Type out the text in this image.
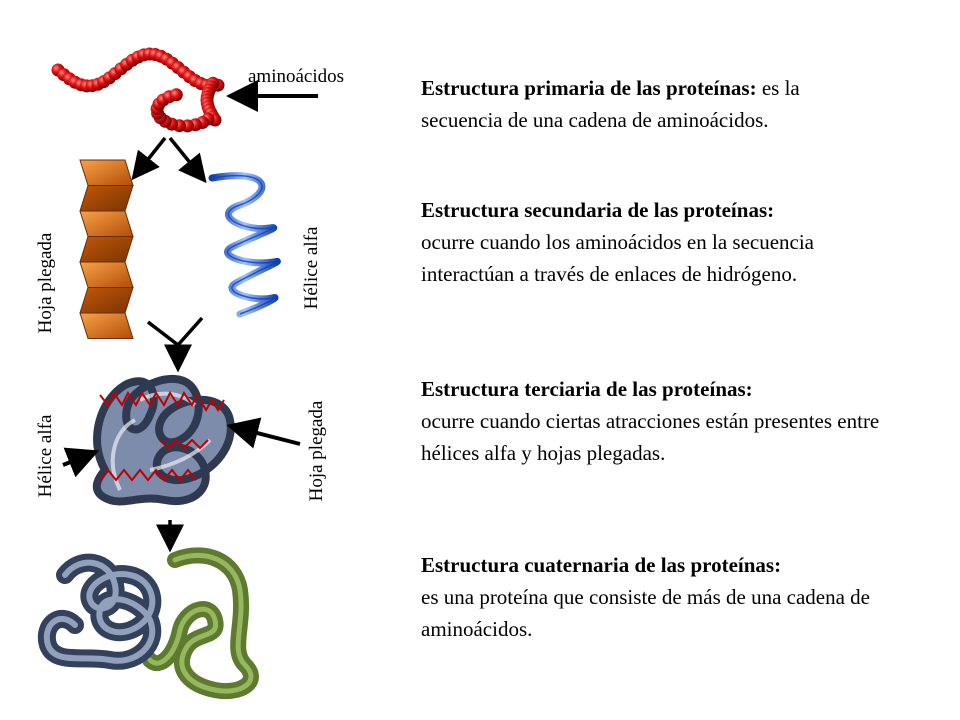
aminoácidos
Hoja plegada	Hélice alfa
Hélice alfa	Hoja plegada
Estructura primaria de las proteínas: es la
secuencia de una cadena de aminoácidos.
Estructura secundaria de las proteínas:
ocurre cuando los aminoácidos en la secuencia interactúan a través de enlaces de hidrógeno.
Estructura terciaria de las proteínas:
ocurre cuando ciertas atracciones están presentes entre hélices alfa y hojas plegadas.
Estructura cuaternaria de las proteínas:
es una proteína que consiste de más de una cadena de aminoácidos.
